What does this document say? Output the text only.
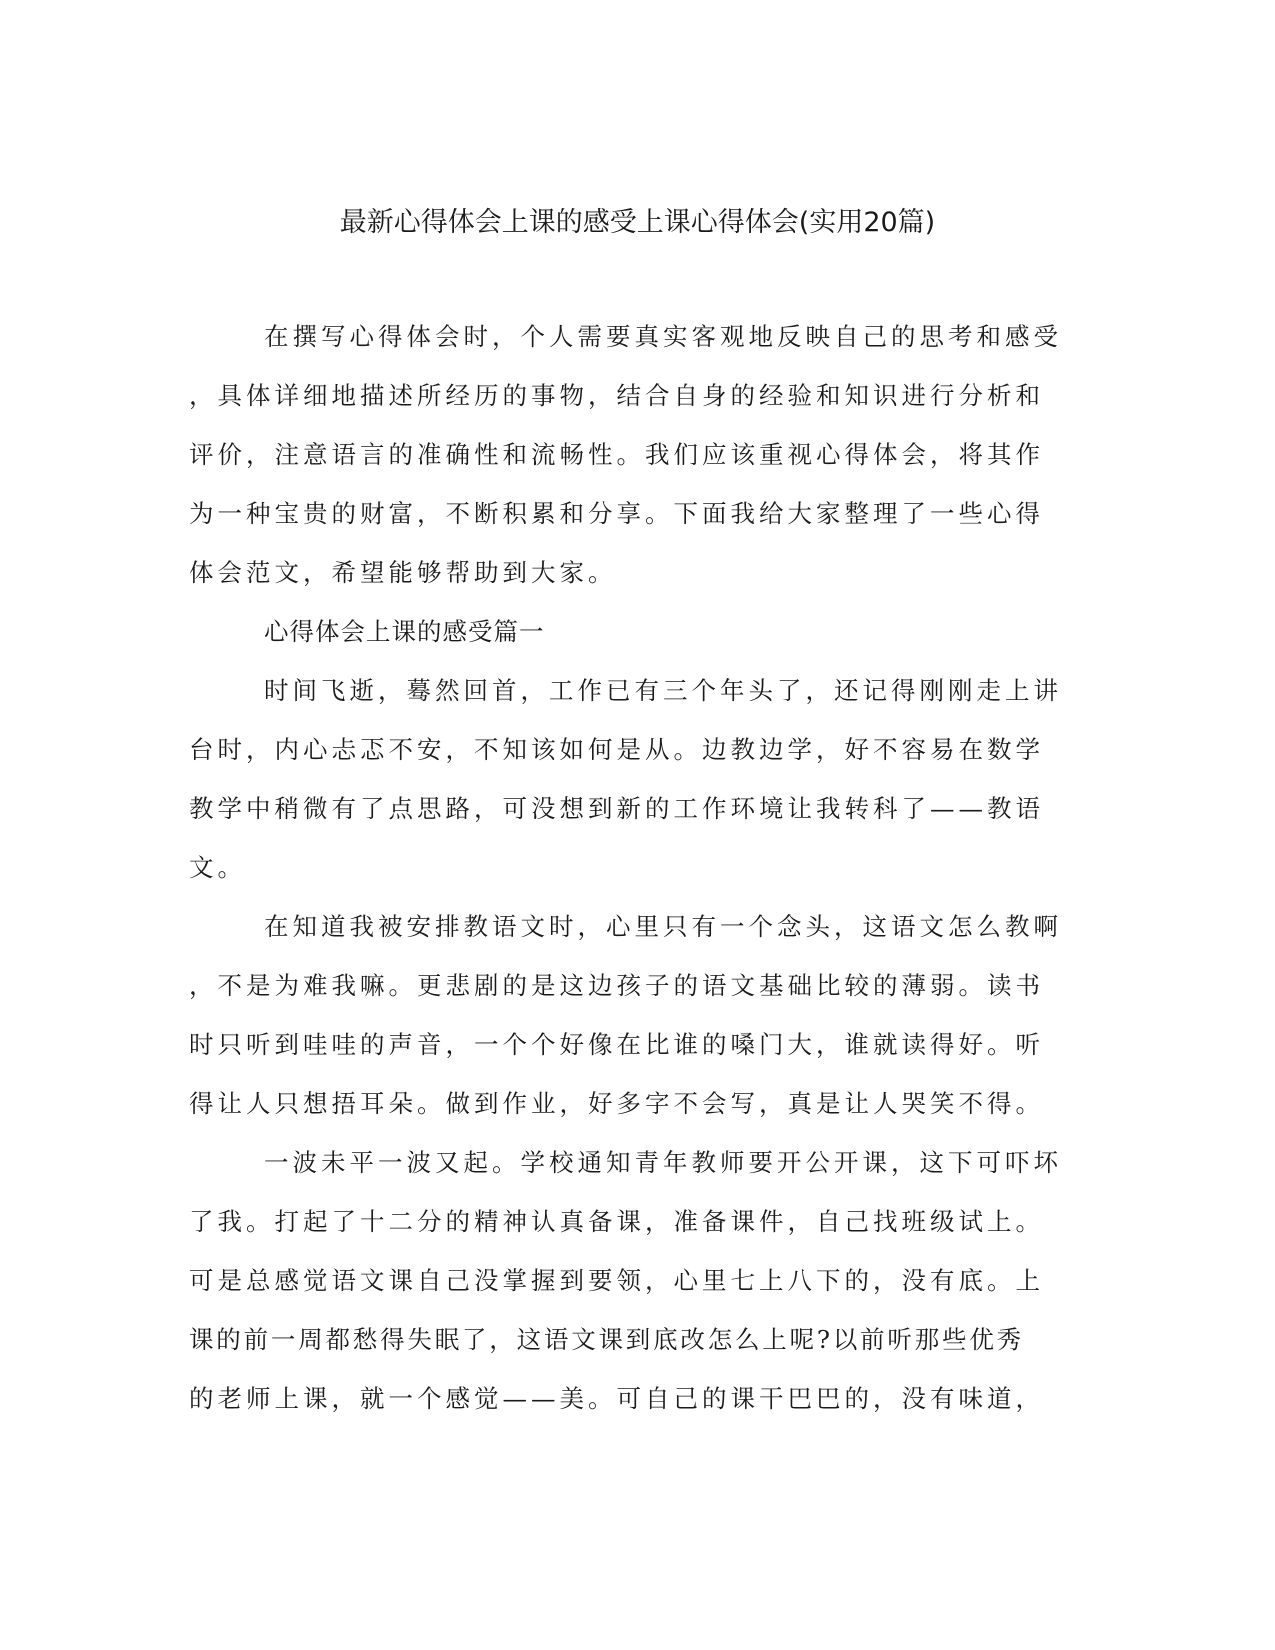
最新心得体会上课的感受上课心得体会(实用20篇)
在撰写心得体会时，个人需要真实客观地反映自己的思考和感受
，具体详细地描述所经历的事物，结合自身的经验和知识进行分析和
评价，注意语言的准确性和流畅性。我们应该重视心得体会，将其作
为一种宝贵的财富，不断积累和分享。下面我给大家整理了一些心得
体会范文，希望能够帮助到大家。
心得体会上课的感受篇一
时间飞逝，蓦然回首，工作已有三个年头了，还记得刚刚走上讲
台时，内心忐忑不安，不知该如何是从。边教边学，好不容易在数学
教学中稍微有了点思路，可没想到新的工作环境让我转科了——教语
文。
在知道我被安排教语文时，心里只有一个念头，这语文怎么教啊
，不是为难我嘛。更悲剧的是这边孩子的语文基础比较的薄弱。读书
时只听到哇哇的声音，一个个好像在比谁的嗓门大，谁就读得好。听
得让人只想捂耳朵。做到作业，好多字不会写，真是让人哭笑不得。
一波未平一波又起。学校通知青年教师要开公开课，这下可吓坏
了我。打起了十二分的精神认真备课，准备课件，自己找班级试上。
可是总感觉语文课自己没掌握到要领，心里七上八下的，没有底。上
课的前一周都愁得失眠了，这语文课到底改怎么上呢?以前听那些优秀
的老师上课，就一个感觉——美。可自己的课干巴巴的，没有味道，
